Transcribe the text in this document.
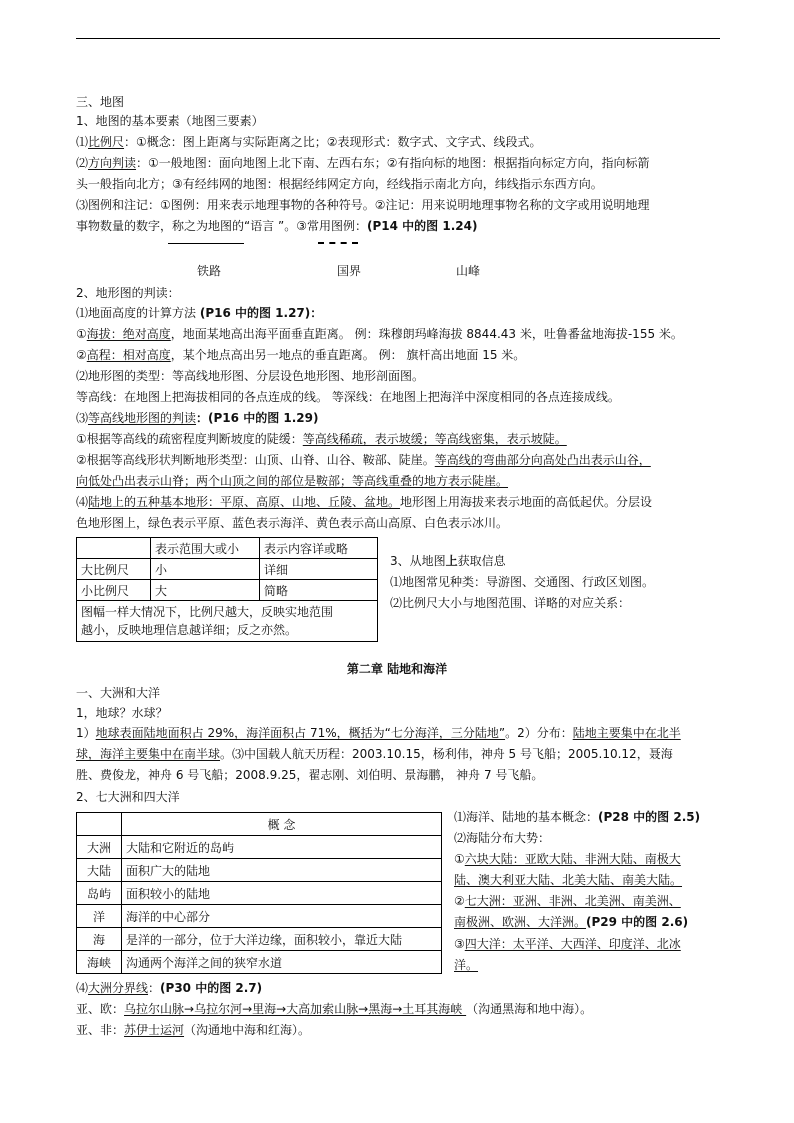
三、地图
1、地图的基本要素（地图三要素）
⑴比例尺：①概念：图上距离与实际距离之比；②表现形式：数字式、文字式、线段式。
⑵方向判读：①一般地图：面向地图上北下南、左西右东；②有指向标的地图：根据指向标定方向，指向标箭
头一般指向北方；③有经纬网的地图：根据经纬网定方向，经线指示南北方向，纬线指示东西方向。
⑶图例和注记：①图例：用来表示地理事物的各种符号。②注记：用来说明地理事物名称的文字或用说明地理
事物数量的数字，称之为地图的“语言 ”。③常用图例：(P14 中的图 1.24)
铁路	国界	山峰
2、地形图的判读：
⑴地面高度的计算方法 (P16 中的图 1.27)：
①海拔：绝对高度，地面某地高出海平面垂直距离。 例：珠穆朗玛峰海拔 8844.43 米，吐鲁番盆地海拔-155 米。
②高程：相对高度，某个地点高出另一地点的垂直距离。 例： 旗杆高出地面 15 米。
⑵地形图的类型：等高线地形图、分层设色地形图、地形剖面图。
等高线：在地图上把海拔相同的各点连成的线。 等深线：在地图上把海洋中深度相同的各点连接成线。
⑶等高线地形图的判读：(P16 中的图 1.29)
①根据等高线的疏密程度判断坡度的陡缓：等高线稀疏，表示坡缓；等高线密集，表示坡陡。
②根据等高线形状判断地形类型：山顶、山脊、山谷、鞍部、陡崖。等高线的弯曲部分向高处凸出表示山谷，
向低处凸出表示山脊；两个山顶之间的部位是鞍部；等高线重叠的地方表示陡崖。
⑷陆地上的五种基本地形：平原、高原、山地、丘陵、盆地。地形图上用海拔来表示地面的高低起伏。分层设
色地形图上，绿色表示平原、蓝色表示海洋、黄色表示高山高原、白色表示冰川。
	表示范围大或小	表示内容详或略
大比例尺	小	详细
小比例尺	大	简略
图幅一样大情况下，比例尺越大，反映实地范围
越小，反映地理信息越详细；反之亦然。		
3、从地图上获取信息
⑴地图常见种类：导游图、交通图、行政区划图。
⑵比例尺大小与地图范围、详略的对应关系：
第二章 陆地和海洋
一、大洲和大洋
1，地球？水球？
1）地球表面陆地面积占 29%，海洋面积占 71%，概括为“七分海洋，三分陆地”。2）分布：陆地主要集中在北半
球，海洋主要集中在南半球。⑶中国载人航天历程：2003.10.15，杨利伟，神舟 5 号飞船；2005.10.12，聂海
胜、费俊龙，神舟 6 号飞船；2008.9.25，翟志刚、刘伯明、景海鹏， 神舟 7 号飞船。
2、七大洲和四大洋
	概 念
大洲	大陆和它附近的岛屿
大陆	面积广大的陆地
岛屿	面积较小的陆地
洋	海洋的中心部分
海	是洋的一部分，位于大洋边缘，面积较小，靠近大陆
海峡	沟通两个海洋之间的狭窄水道
⑴海洋、陆地的基本概念：(P28 中的图 2.5)
⑵海陆分布大势：
①六块大陆：亚欧大陆、非洲大陆、南极大
陆、澳大利亚大陆、北美大陆、南美大陆。
②七大洲：亚洲、非洲、北美洲、南美洲、
南极洲、欧洲、大洋洲。(P29 中的图 2.6)
③四大洋：太平洋、大西洋、印度洋、北冰
洋。
⑷大洲分界线：(P30 中的图 2.7)
亚、欧：乌拉尔山脉→乌拉尔河→里海→大高加索山脉→黑海→土耳其海峡 （沟通黑海和地中海）。
亚、非：苏伊士运河（沟通地中海和红海）。
